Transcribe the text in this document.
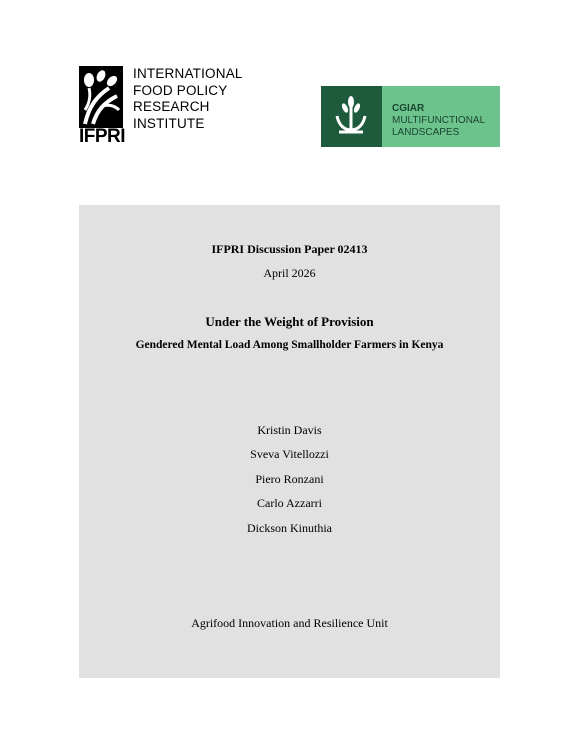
IFPRI
INTERNATIONAL
FOOD POLICY
RESEARCH
INSTITUTE
CGIAR
MULTIFUNCTIONAL
LANDSCAPES
IFPRI Discussion Paper 02413
April 2026
Under the Weight of Provision
Gendered Mental Load Among Smallholder Farmers in Kenya
Kristin Davis
Sveva Vitellozzi
Piero Ronzani
Carlo Azzarri
Dickson Kinuthia
Agrifood Innovation and Resilience Unit
